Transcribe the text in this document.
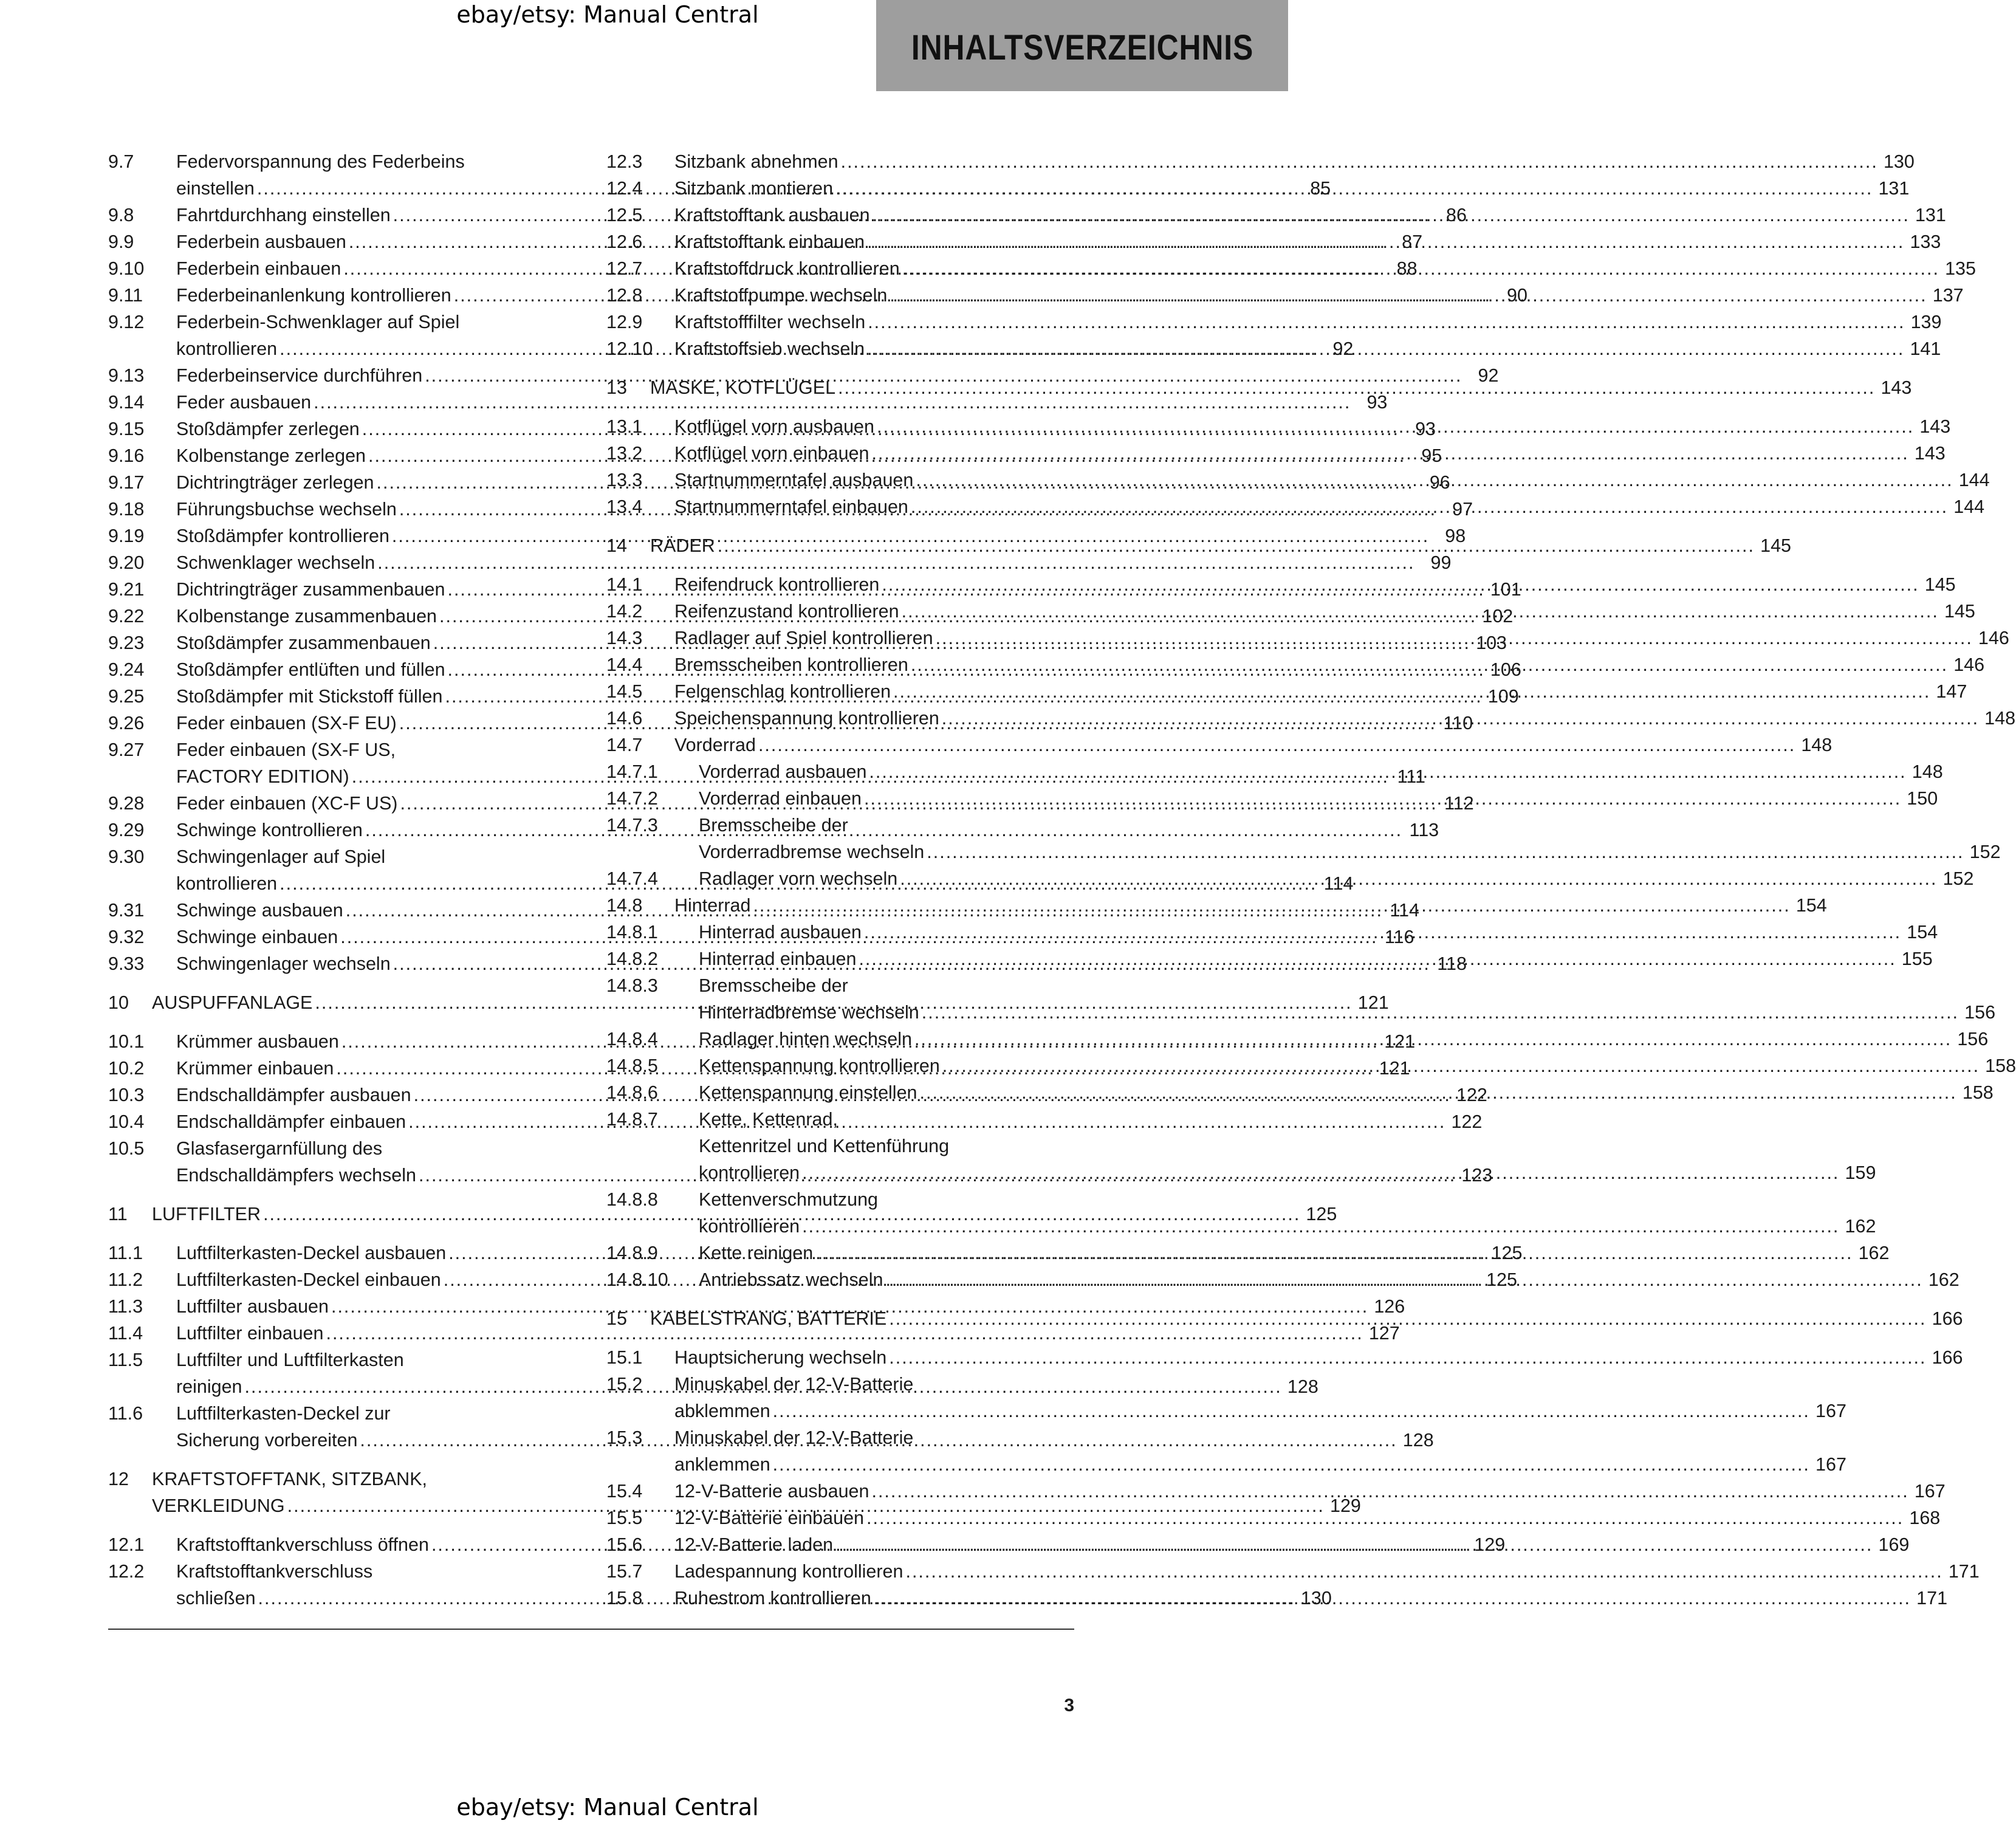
ebay/etsy: Manual Central
INHALTSVERZEICHNIS
9.7	Federvorspannung des Federbeins
einstellen .....	85
9.8	Fahrtdurchhang einstellen .....	86
9.9	Federbein ausbauen .....	87
9.10	Federbein einbauen .....	88
9.11	Federbeinanlenkung kontrollieren .....	90
9.12	Federbein-Schwenklager auf Spiel
kontrollieren .....	92
9.13	Federbeinservice durchführen .....	92
9.14	Feder ausbauen .....	93
9.15	Stoßdämpfer zerlegen .....	93
9.16	Kolbenstange zerlegen .....	95
9.17	Dichtringträger zerlegen .....	96
9.18	Führungsbuchse wechseln .....	97
9.19	Stoßdämpfer kontrollieren .....	98
9.20	Schwenklager wechseln .....	99
9.21	Dichtringträger zusammenbauen .....	101
9.22	Kolbenstange zusammenbauen .....	102
9.23	Stoßdämpfer zusammenbauen .....	103
9.24	Stoßdämpfer entlüften und füllen .....	106
9.25	Stoßdämpfer mit Stickstoff füllen .....	109
9.26	Feder einbauen (SX-F EU) .....	110
9.27	Feder einbauen (SX-F US,
FACTORY EDITION) .....	111
9.28	Feder einbauen (XC-F US) .....	112
9.29	Schwinge kontrollieren .....	113
9.30	Schwingenlager auf Spiel
kontrollieren .....	114
9.31	Schwinge ausbauen .....	114
9.32	Schwinge einbauen .....	116
9.33	Schwingenlager wechseln .....	118
10	AUSPUFFANLAGE .....	121
10.1	Krümmer ausbauen .....	121
10.2	Krümmer einbauen .....	121
10.3	Endschalldämpfer ausbauen .....	122
10.4	Endschalldämpfer einbauen .....	122
10.5	Glasfasergarnfüllung des
Endschalldämpfers wechseln .....	123
11	LUFTFILTER .....	125
11.1	Luftfilterkasten-Deckel ausbauen .....	125
11.2	Luftfilterkasten-Deckel einbauen .....	125
11.3	Luftfilter ausbauen .....	126
11.4	Luftfilter einbauen .....	127
11.5	Luftfilter und Luftfilterkasten
reinigen .....	128
11.6	Luftfilterkasten-Deckel zur
Sicherung vorbereiten .....	128
12	KRAFTSTOFFTANK, SITZBANK,
VERKLEIDUNG .....	129
12.1	Kraftstofftankverschluss öffnen .....	129
12.2	Kraftstofftankverschluss
schließen .....	130
12.3	Sitzbank abnehmen .....	130
12.4	Sitzbank montieren .....	131
12.5	Kraftstofftank ausbauen .....	131
12.6	Kraftstofftank einbauen .....	133
12.7	Kraftstoffdruck kontrollieren .....	135
12.8	Kraftstoffpumpe wechseln .....	137
12.9	Kraftstofffilter wechseln .....	139
12.10	Kraftstoffsieb wechseln .....	141
13	MASKE, KOTFLÜGEL .....	143
13.1	Kotflügel vorn ausbauen .....	143
13.2	Kotflügel vorn einbauen .....	143
13.3	Startnummerntafel ausbauen .....	144
13.4	Startnummerntafel einbauen .....	144
14	RÄDER .....	145
14.1	Reifendruck kontrollieren .....	145
14.2	Reifenzustand kontrollieren .....	145
14.3	Radlager auf Spiel kontrollieren .....	146
14.4	Bremsscheiben kontrollieren .....	146
14.5	Felgenschlag kontrollieren .....	147
14.6	Speichenspannung kontrollieren .....	148
14.7	Vorderrad .....	148
14.7.1	Vorderrad ausbauen .....	148
14.7.2	Vorderrad einbauen .....	150
14.7.3	Bremsscheibe der
Vorderradbremse wechseln .....	152
14.7.4	Radlager vorn wechseln .....	152
14.8	Hinterrad .....	154
14.8.1	Hinterrad ausbauen .....	154
14.8.2	Hinterrad einbauen .....	155
14.8.3	Bremsscheibe der
Hinterradbremse wechseln .....	156
14.8.4	Radlager hinten wechseln .....	156
14.8.5	Kettenspannung kontrollieren .....	158
14.8.6	Kettenspannung einstellen .....	158
14.8.7	Kette, Kettenrad,
Kettenritzel und Kettenführung
kontrollieren .....	159
14.8.8	Kettenverschmutzung
kontrollieren .....	162
14.8.9	Kette reinigen .....	162
14.8.10	Antriebssatz wechseln .....	162
15	KABELSTRANG, BATTERIE .....	166
15.1	Hauptsicherung wechseln .....	166
15.2	Minuskabel der 12-V-Batterie
abklemmen .....	167
15.3	Minuskabel der 12-V-Batterie
anklemmen .....	167
15.4	12-V-Batterie ausbauen .....	167
15.5	12-V-Batterie einbauen .....	168
15.6	12-V-Batterie laden .....	169
15.7	Ladespannung kontrollieren .....	171
15.8	Ruhestrom kontrollieren .....	171
3
ebay/etsy: Manual Central
